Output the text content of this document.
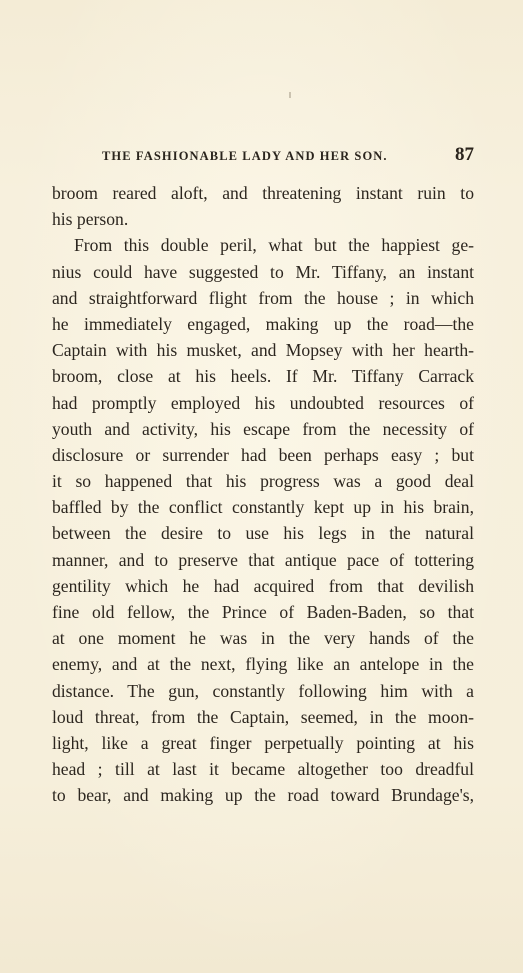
THE FASHIONABLE LADY AND HER SON.	87
broom reared aloft, and threatening instant ruin to
his person.
From this double peril, what but the happiest ge-
nius could have suggested to Mr. Tiffany, an instant
and straightforward flight from the house ; in which
he immediately engaged, making up the road—the
Captain with his musket, and Mopsey with her hearth-
broom, close at his heels. If Mr. Tiffany Carrack
had promptly employed his undoubted resources of
youth and activity, his escape from the necessity of
disclosure or surrender had been perhaps easy ; but
it so happened that his progress was a good deal
baffled by the conflict constantly kept up in his brain,
between the desire to use his legs in the natural
manner, and to preserve that antique pace of tottering
gentility which he had acquired from that devilish
fine old fellow, the Prince of Baden-Baden, so that
at one moment he was in the very hands of the
enemy, and at the next, flying like an antelope in the
distance. The gun, constantly following him with a
loud threat, from the Captain, seemed, in the moon-
light, like a great finger perpetually pointing at his
head ; till at last it became altogether too dreadful
to bear, and making up the road toward Brundage's,
